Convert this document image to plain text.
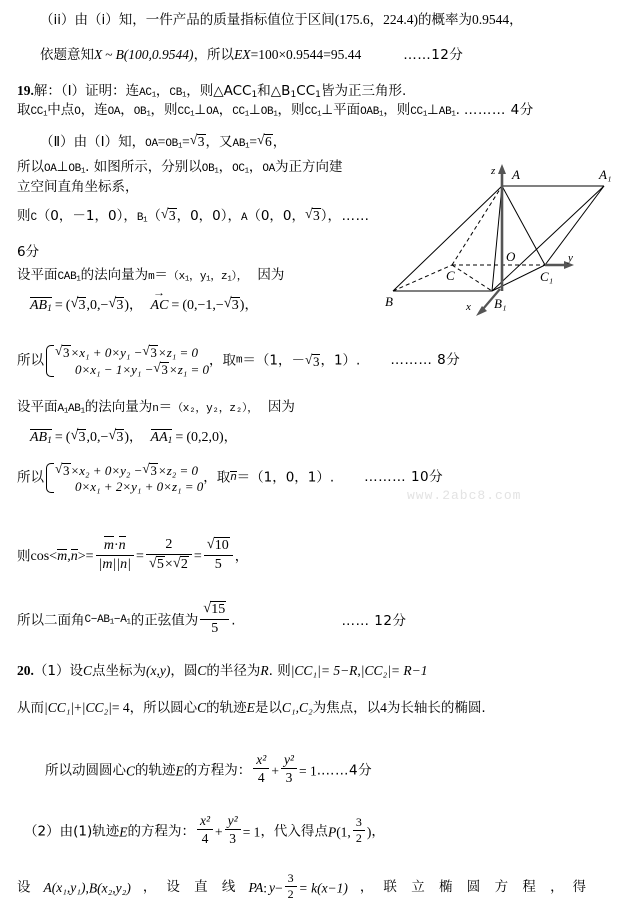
（ii）由（i）知，一件产品的质量指标值位于区间(175.6，224.4)的概率为0.9544，
依题意知X ~ B(100,0.9544)，所以EX=100×0.9544=95.44	……12分
19.解：（Ⅰ）证明：连$AC_1$，$CB_1$，则$\triangle ACC_1$和$\triangle B_1CC_1$皆为正三角形.
取$CC_1$中点O，连OA，$OB_1$，则$CC_1\perp OA$，$CC_1\perp OB_1$，则$CC_1\perp$平面$OAB_1$，则$CC_1\perp AB_1$. ……… 4分
（Ⅱ）由（Ⅰ）知，$OA=OB_1=$ √ 3，又$AB_1=$ √ 6，
所以$OA\perp OB_1$. 如图所示，分别以$OB_1$，$OC_1$，OA为正方向建
立空间直角坐标系，
则C（0，－1，0），$B_1$（ √ 3，0，0），A（0，0， √ 3），……
6分
设平面$CAB_1$的法向量为$m=(x_1$，$y_1$，$z_1$）， 因为
$AB_1$ = ( √ 3,0,− √ 3)， AC → = (0,−1,− √ 3)，
所以	√ 3×x₁ + 0×y₁ − √ 3×z₁ = 0
0×x₁ − 1×y₁ − √ 3×z₁ = 0
，取m＝（1，－ √ 3，1）. ……… 8分
设平面$A_1AB_1$的法向量为n＝（x₂，y₂，z₂）， 因为
$AB_1$ = ( √ 3,0,− √ 3)， $AA_1 = (0,2,0)$，
所以	√ 3×x₂ + 0×y₂ − √ 3×z₂ = 0
0×x₁ + 2×y₁ + 0×z₁ = 0
，取n＝（1，0，1）. ……… 10分
www.2abc8.com
则$\cos<m,n>= \frac{m\cdot n}{|m||n|} = 2$
√ 5× √ 2 = √ $\frac{10}{5}$ ，
所以二面角$C-AB_1-A_1$的正弦值为 √ $\frac{15}{5}$ .	…… 12分
20.（1）设C点坐标为(x,y)，圆C的半径为R. 则|CC₁|= 5−R,|CC₂|= R−1
从而|CC₁|+|CC₂|= 4，所以圆心C的轨迹E是以C₁,C₂为焦点，以4为长轴长的椭圆.
所以动圆圆心C的轨迹E的方程为： $\frac{\text{x²}}{4} + \frac{\text{y²}}{3}$ = 1.……4分
（2）由(1)轨迹E的方程为： $\frac{\text{x²}}{4} + \frac{\text{y²}}{3} = 1$，代入得点P(1, $\frac{3}{2}$ )，
设 A(x₁,y₁),B(x₂,y₂) ， 设 直 线 PA: $y- \frac{3}{2} = k(x-1)$ ， 联 立 椭 圆 方 程 ， 得
z
y
x
A	A₁
B	B₁
C	C₁
O
